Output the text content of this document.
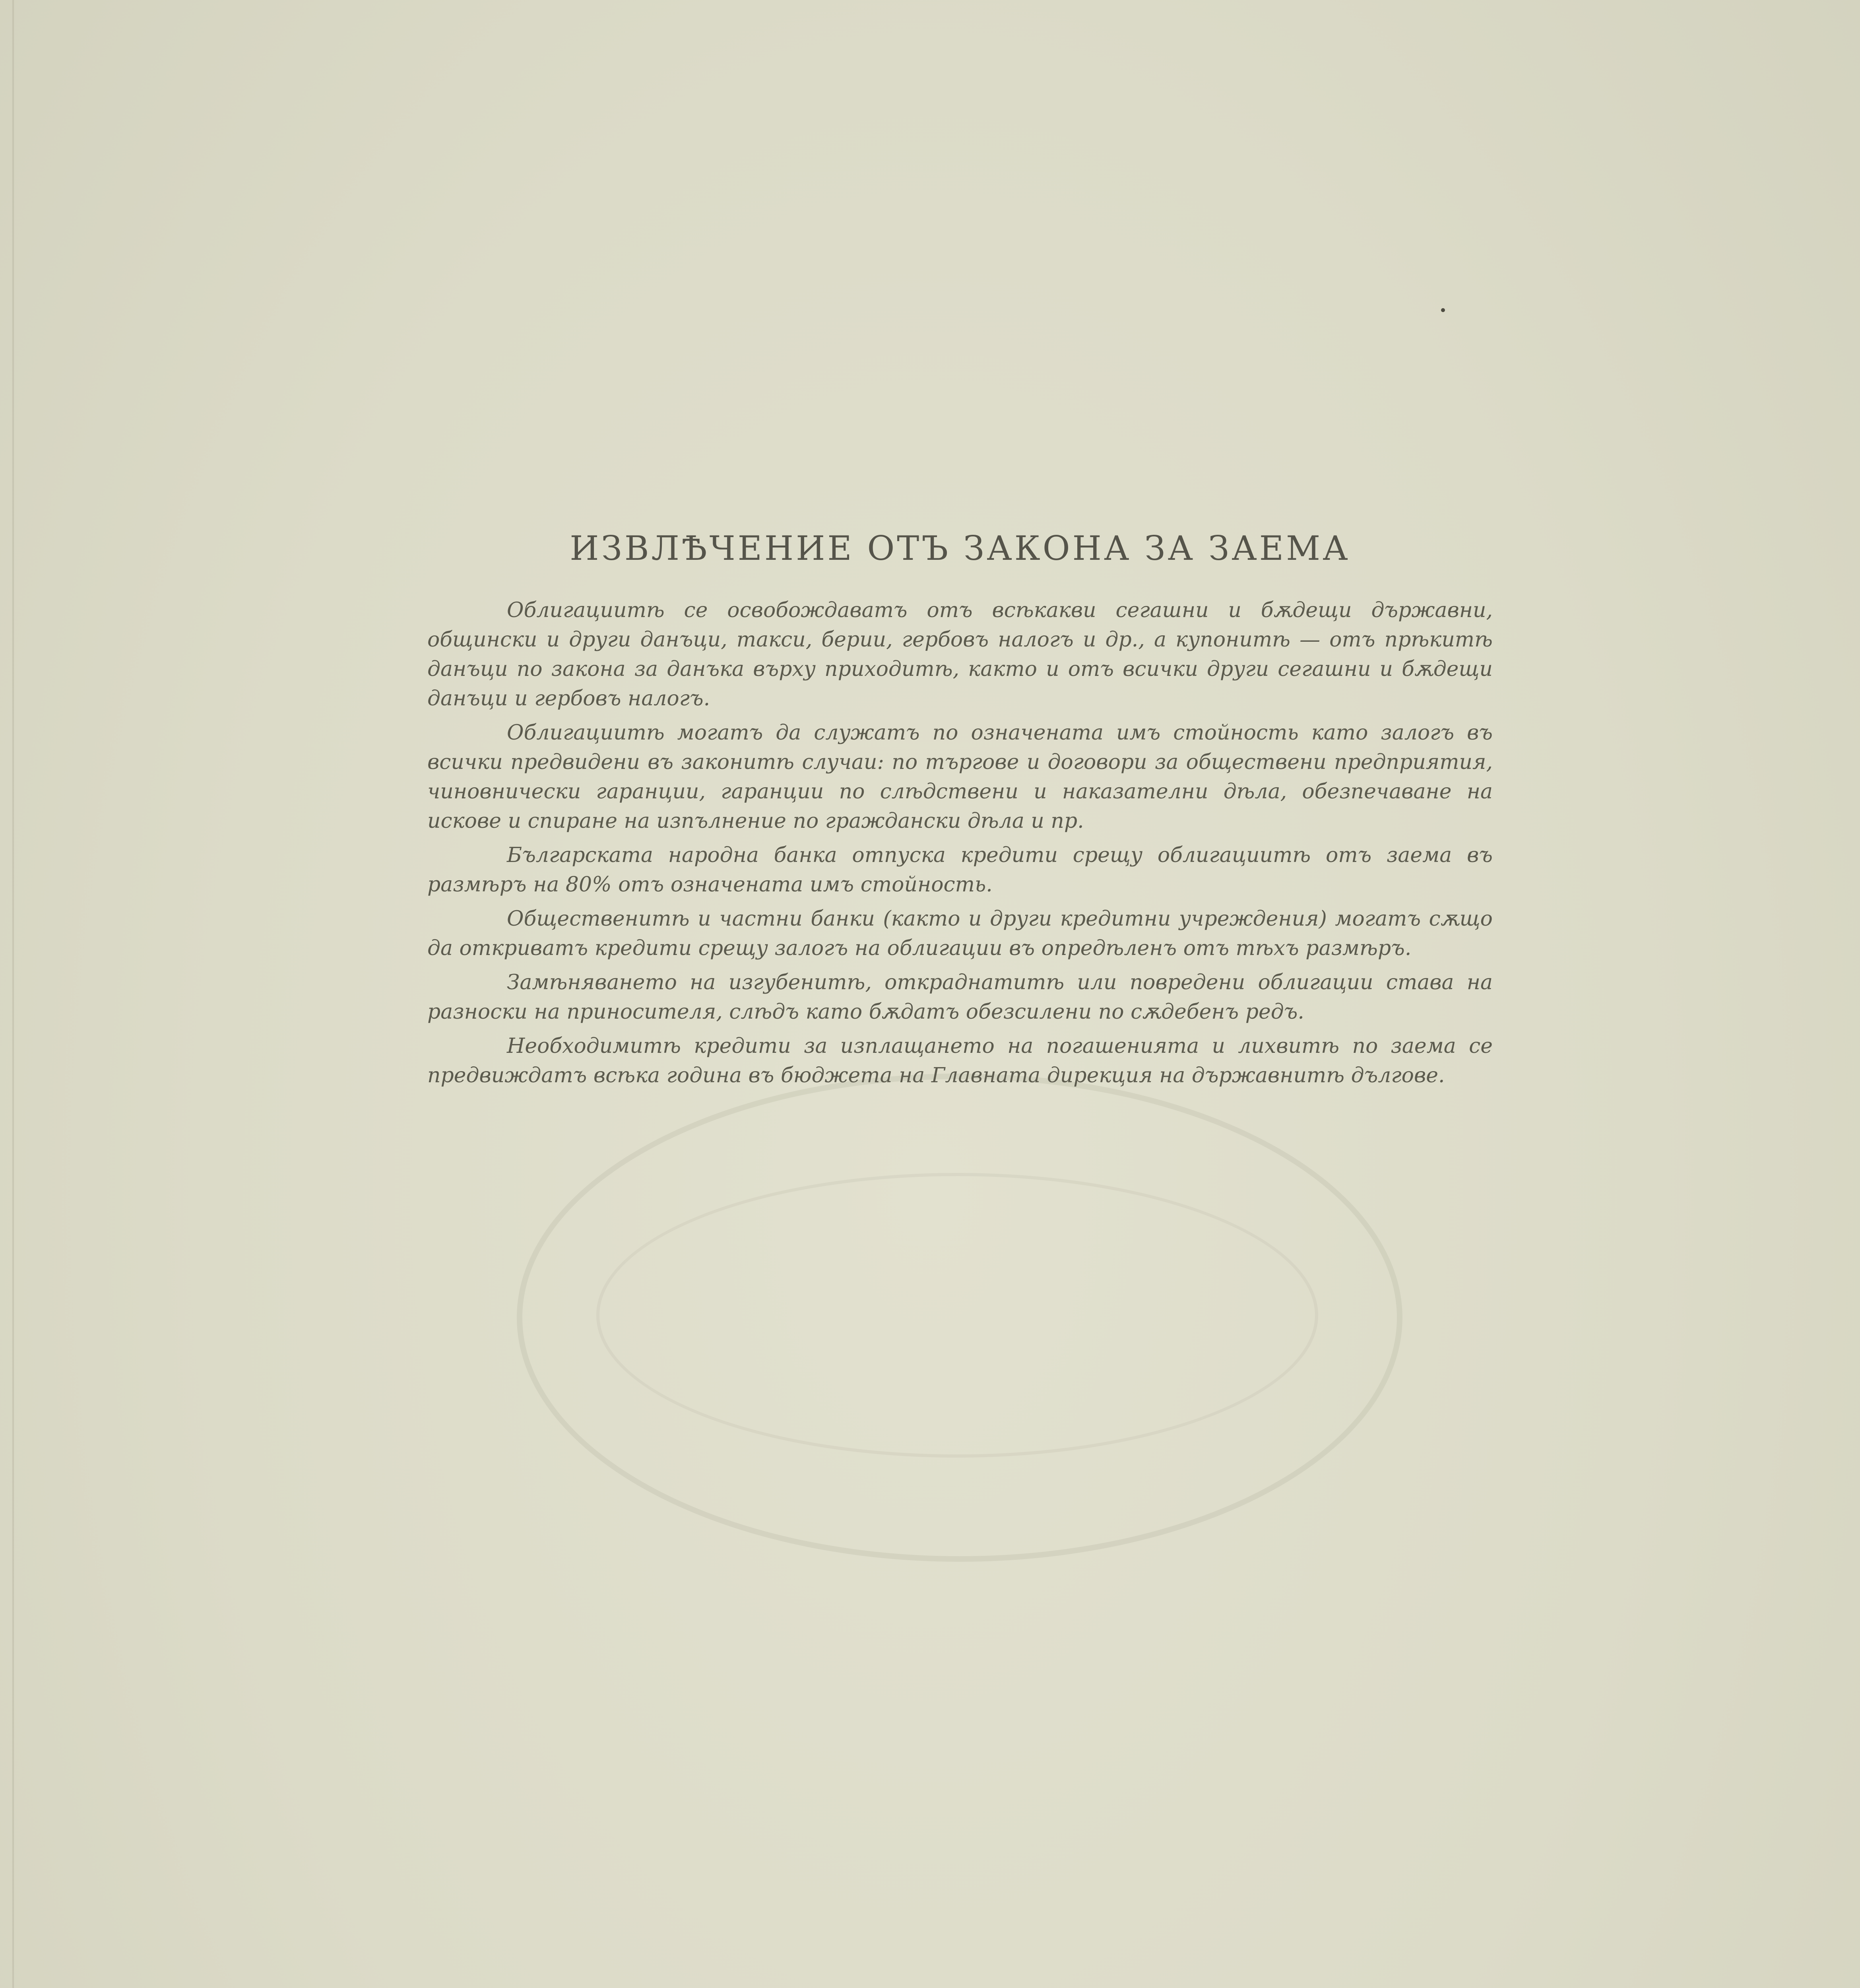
ИЗВЛѢЧЕНИЕ ОТЪ ЗАКОНА ЗА ЗАЕМА

Облигациитѣ се освобождаватъ отъ всѣкакви сегашни и бѫдещи държавни, общински и други данъци, такси, берии, гербовъ налогъ и др., а купонитѣ — отъ прѣкитѣ данъци по закона за данъка върху приходитѣ, както и отъ всички други сегашни и бѫдещи данъци и гербовъ налогъ.

Облигациитѣ могатъ да служатъ по означената имъ стойность като залогъ въ всички предвидени въ законитѣ случаи: по търгове и договори за обществени предприятия, чиновнически гаранции, гаранции по слѣдствени и наказателни дѣла, обезпечаване на искове и спиране на изпълнение по граждански дѣла и пр.

Българската народна банка отпуска кредити срещу облигациитѣ отъ заема въ размѣръ на 80% отъ означената имъ стойность.

Общественитѣ и частни банки (както и други кредитни учреждения) могатъ сѫщо да откриватъ кредити срещу залогъ на облигации въ опредѣленъ отъ тѣхъ размѣръ.

Замѣняването на изгубенитѣ, откраднатитѣ или повредени облигации става на разноски на приносителя, слѣдъ като бѫдатъ обезсилени по сѫдебенъ редъ.

Необходимитѣ кредити за изплащането на погашенията и лихвитѣ по заема се предвиждатъ всѣка година въ бюджета на Главната дирекция на държавнитѣ дългове.
